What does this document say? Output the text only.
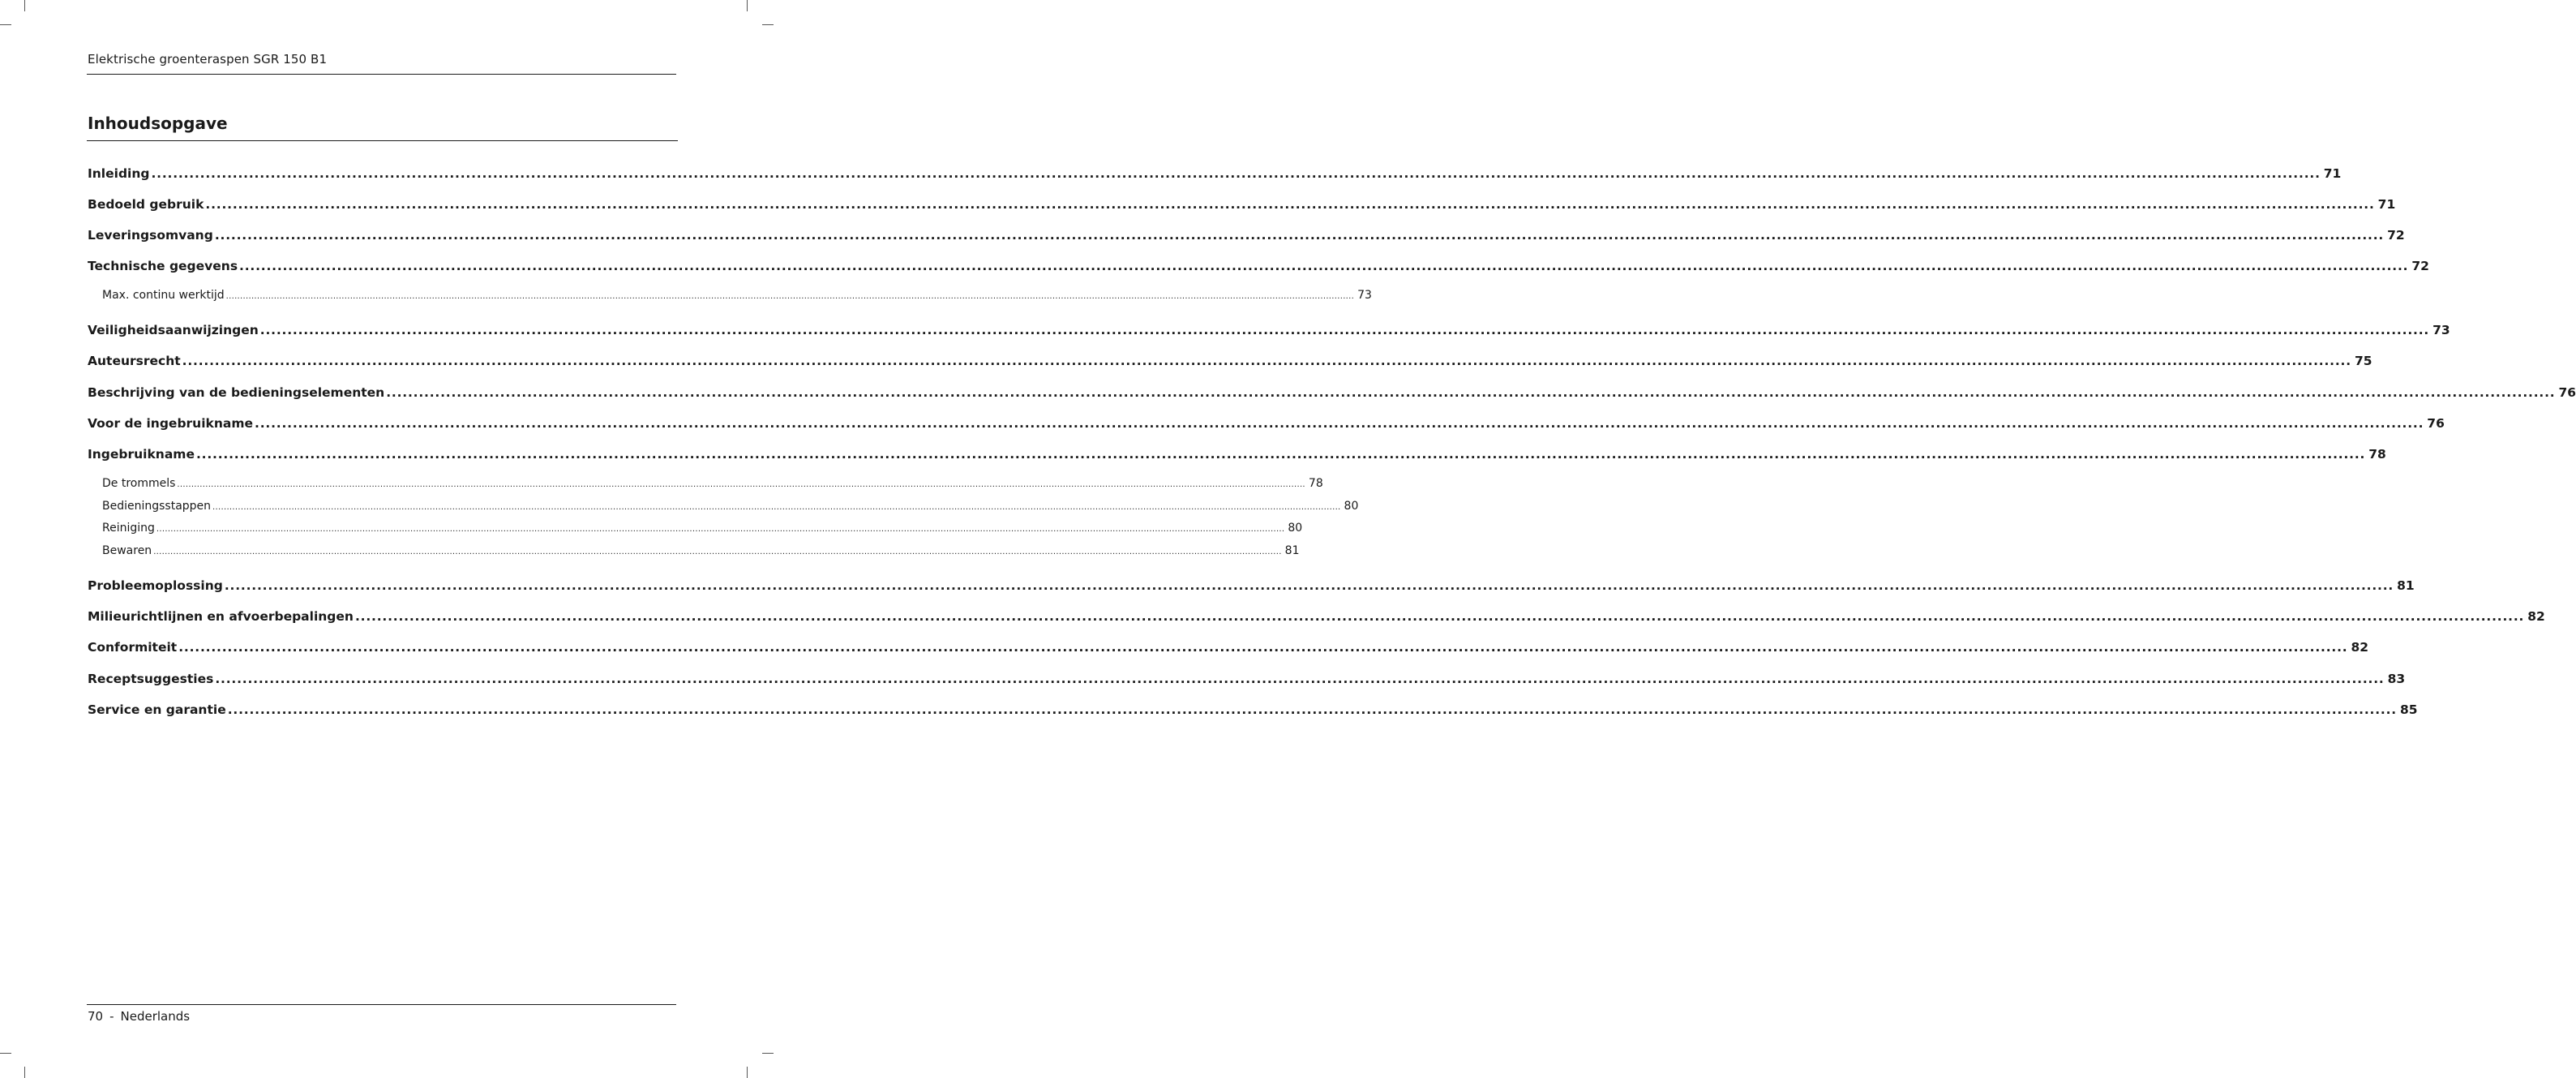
Elektrische groenteraspen SGR 150 B1
Inhoudsopgave
Inleiding ................................................................................................................................................................................................................................................................................................................................................................................................................ 71
Bedoeld gebruik ................................................................................................................................................................................................................................................................................................................................................................................................................ 71
Leveringsomvang ................................................................................................................................................................................................................................................................................................................................................................................................................ 72
Technische gegevens ................................................................................................................................................................................................................................................................................................................................................................................................................ 72
Max. continu werktijd ................................................................................................................................................................................................................................................................................................................................................................................................................ 73
Veiligheidsaanwijzingen ................................................................................................................................................................................................................................................................................................................................................................................................................ 73
Auteursrecht ................................................................................................................................................................................................................................................................................................................................................................................................................ 75
Beschrijving van de bedieningselementen ................................................................................................................................................................................................................................................................................................................................................................................................................ 76
Voor de ingebruikname ................................................................................................................................................................................................................................................................................................................................................................................................................ 76
Ingebruikname ................................................................................................................................................................................................................................................................................................................................................................................................................ 78
De trommels ................................................................................................................................................................................................................................................................................................................................................................................................................ 78
Bedieningsstappen ................................................................................................................................................................................................................................................................................................................................................................................................................ 80
Reiniging ................................................................................................................................................................................................................................................................................................................................................................................................................ 80
Bewaren ................................................................................................................................................................................................................................................................................................................................................................................................................ 81
Probleemoplossing ................................................................................................................................................................................................................................................................................................................................................................................................................ 81
Milieurichtlijnen en afvoerbepalingen ................................................................................................................................................................................................................................................................................................................................................................................................................ 82
Conformiteit ................................................................................................................................................................................................................................................................................................................................................................................................................ 82
Receptsuggesties ................................................................................................................................................................................................................................................................................................................................................................................................................ 83
Service en garantie ................................................................................................................................................................................................................................................................................................................................................................................................................ 85
70 - Nederlands
